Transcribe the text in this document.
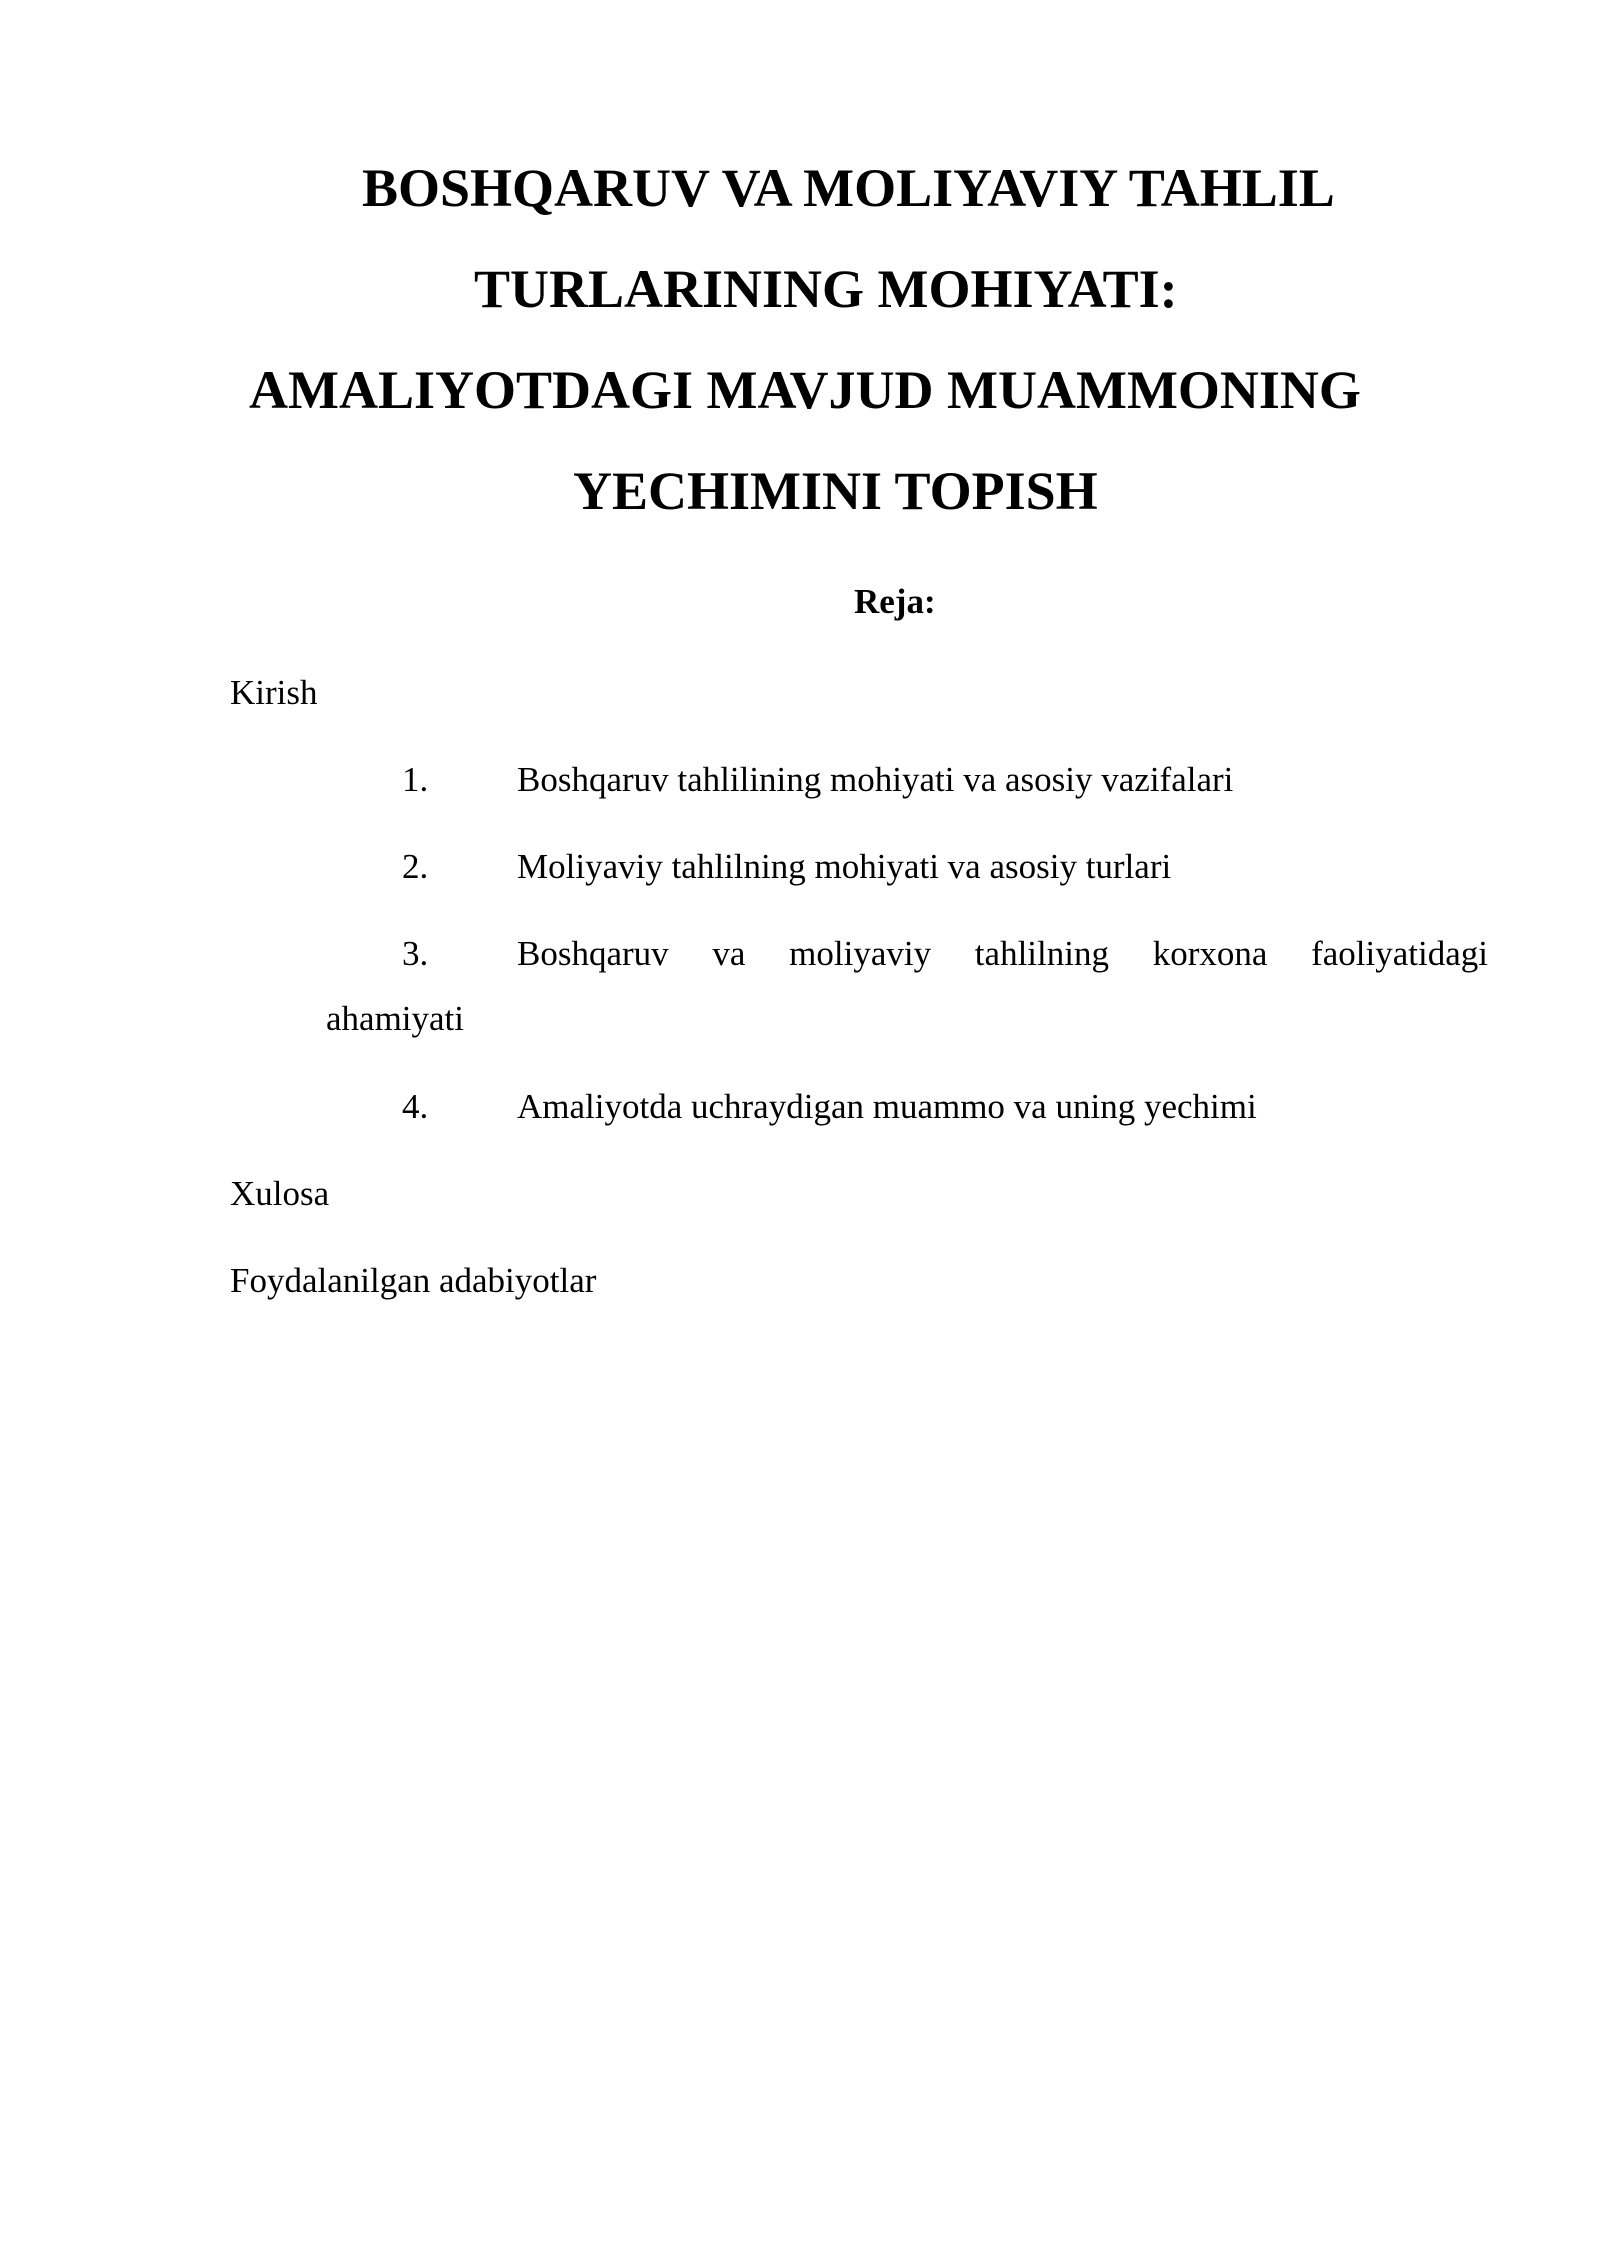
BOSHQARUV VA MOLIYAVIY TAHLIL
TURLARINING MOHIYATI:
AMALIYOTDAGI MAVJUD MUAMMONING
YECHIMINI TOPISH

Reja:

Kirish

1.	Boshqaruv tahlilining mohiyati va asosiy vazifalari
2.	Moliyaviy tahlilning mohiyati va asosiy turlari
3.	Boshqaruv va moliyaviy tahlilning korxona faoliyatidagi
ahamiyati
4.	Amaliyotda uchraydigan muammo va uning yechimi

Xulosa

Foydalanilgan adabiyotlar
